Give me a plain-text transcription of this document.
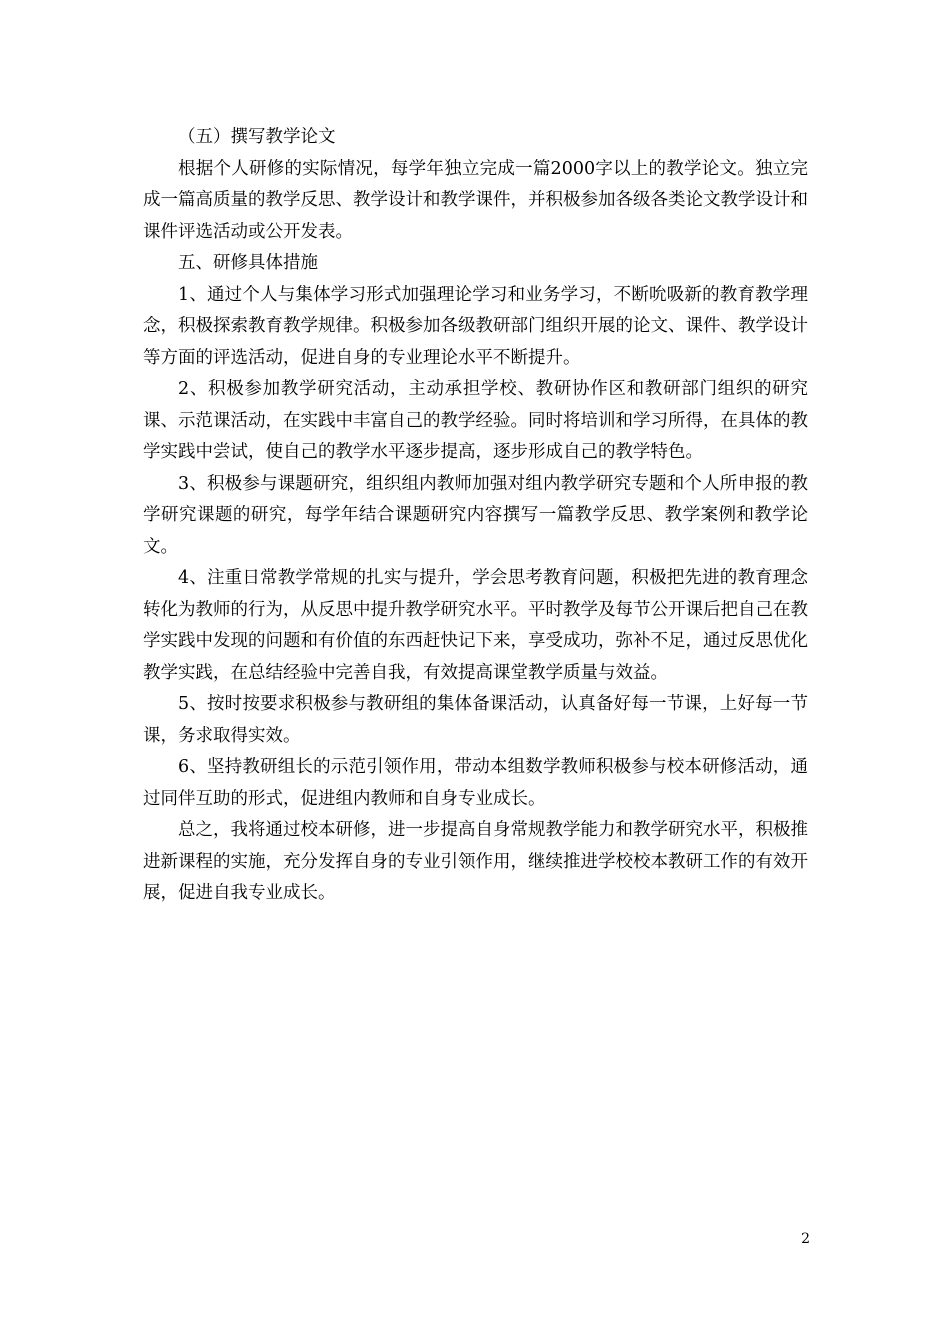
（五）撰写教学论文

根据个人研修的实际情况，每学年独立完成一篇2000字以上的教学论文。独立完成一篇高质量的教学反思、教学设计和教学课件，并积极参加各级各类论文教学设计和课件评选活动或公开发表。

五、研修具体措施

1、通过个人与集体学习形式加强理论学习和业务学习，不断吮吸新的教育教学理念，积极探索教育教学规律。积极参加各级教研部门组织开展的论文、课件、教学设计等方面的评选活动，促进自身的专业理论水平不断提升。

2、积极参加教学研究活动，主动承担学校、教研协作区和教研部门组织的研究课、示范课活动，在实践中丰富自己的教学经验。同时将培训和学习所得，在具体的教学实践中尝试，使自己的教学水平逐步提高，逐步形成自己的教学特色。

3、积极参与课题研究，组织组内教师加强对组内教学研究专题和个人所申报的教学研究课题的研究，每学年结合课题研究内容撰写一篇教学反思、教学案例和教学论文。

4、注重日常教学常规的扎实与提升，学会思考教育问题，积极把先进的教育理念转化为教师的行为，从反思中提升教学研究水平。平时教学及每节公开课后把自己在教学实践中发现的问题和有价值的东西赶快记下来，享受成功，弥补不足，通过反思优化教学实践，在总结经验中完善自我，有效提高课堂教学质量与效益。

5、按时按要求积极参与教研组的集体备课活动，认真备好每一节课，上好每一节课，务求取得实效。

6、坚持教研组长的示范引领作用，带动本组数学教师积极参与校本研修活动，通过同伴互助的形式，促进组内教师和自身专业成长。

总之，我将通过校本研修，进一步提高自身常规教学能力和教学研究水平，积极推进新课程的实施，充分发挥自身的专业引领作用，继续推进学校校本教研工作的有效开展，促进自我专业成长。

2
